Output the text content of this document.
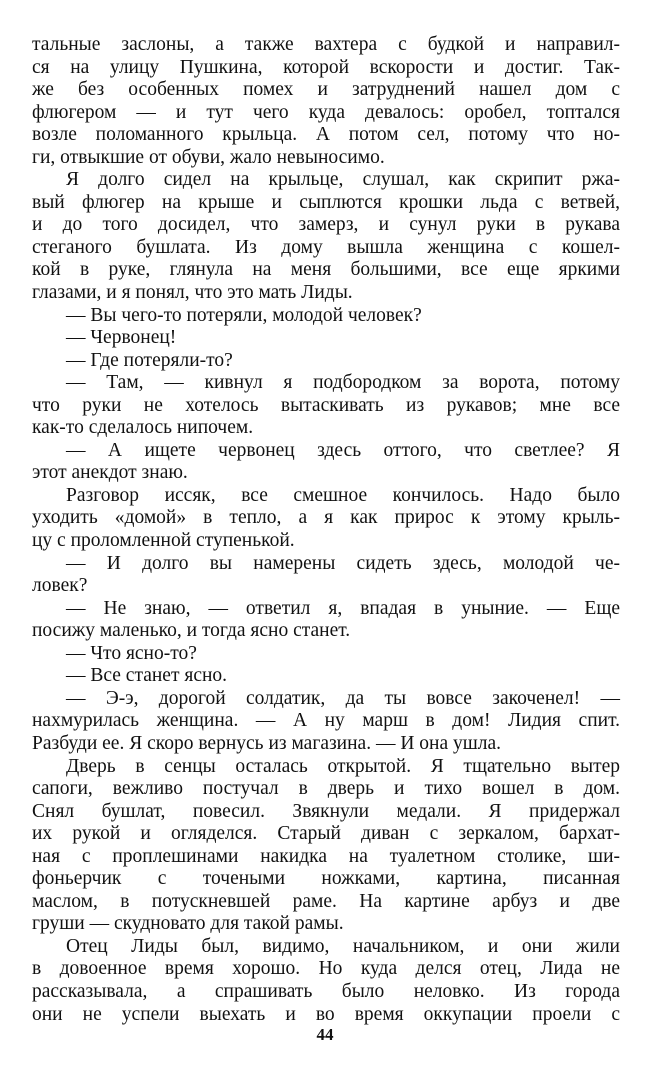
тальные заслоны, а также вахтера с будкой и направил-
ся на улицу Пушкина, которой вскорости и достиг. Так-
же без особенных помех и затруднений нашел дом с
флюгером — и тут чего куда девалось: оробел, топтался
возле поломанного крыльца. А потом сел, потому что но-
ги, отвыкшие от обуви, жало невыносимо.
Я долго сидел на крыльце, слушал, как скрипит ржа-
вый флюгер на крыше и сыплются крошки льда с ветвей,
и до того досидел, что замерз, и сунул руки в рукава
стеганого бушлата. Из дому вышла женщина с кошел-
кой в руке, глянула на меня большими, все еще яркими
глазами, и я понял, что это мать Лиды.
— Вы чего-то потеряли, молодой человек?
— Червонец!
— Где потеряли-то?
— Там, — кивнул я подбородком за ворота, потому
что руки не хотелось вытаскивать из рукавов; мне все
как-то сделалось нипочем.
— А ищете червонец здесь оттого, что светлее? Я
этот анекдот знаю.
Разговор иссяк, все смешное кончилось. Надо было
уходить «домой» в тепло, а я как прирос к этому крыль-
цу с проломленной ступенькой.
— И долго вы намерены сидеть здесь, молодой че-
ловек?
— Не знаю, — ответил я, впадая в уныние. — Еще
посижу маленько, и тогда ясно станет.
— Что ясно-то?
— Все станет ясно.
— Э-э, дорогой солдатик, да ты вовсе закоченел! —
нахмурилась женщина. — А ну марш в дом! Лидия спит.
Разбуди ее. Я скоро вернусь из магазина. — И она ушла.
Дверь в сенцы осталась открытой. Я тщательно вытер
сапоги, вежливо постучал в дверь и тихо вошел в дом.
Снял бушлат, повесил. Звякнули медали. Я придержал
их рукой и огляделся. Старый диван с зеркалом, бархат-
ная с проплешинами накидка на туалетном столике, ши-
фоньерчик с точеными ножками, картина, писанная
маслом, в потускневшей раме. На картине арбуз и две
груши — скудновато для такой рамы.
Отец Лиды был, видимо, начальником, и они жили
в довоенное время хорошо. Но куда делся отец, Лида не
рассказывала, а спрашивать было неловко. Из города
они не успели выехать и во время оккупации проели с
44
